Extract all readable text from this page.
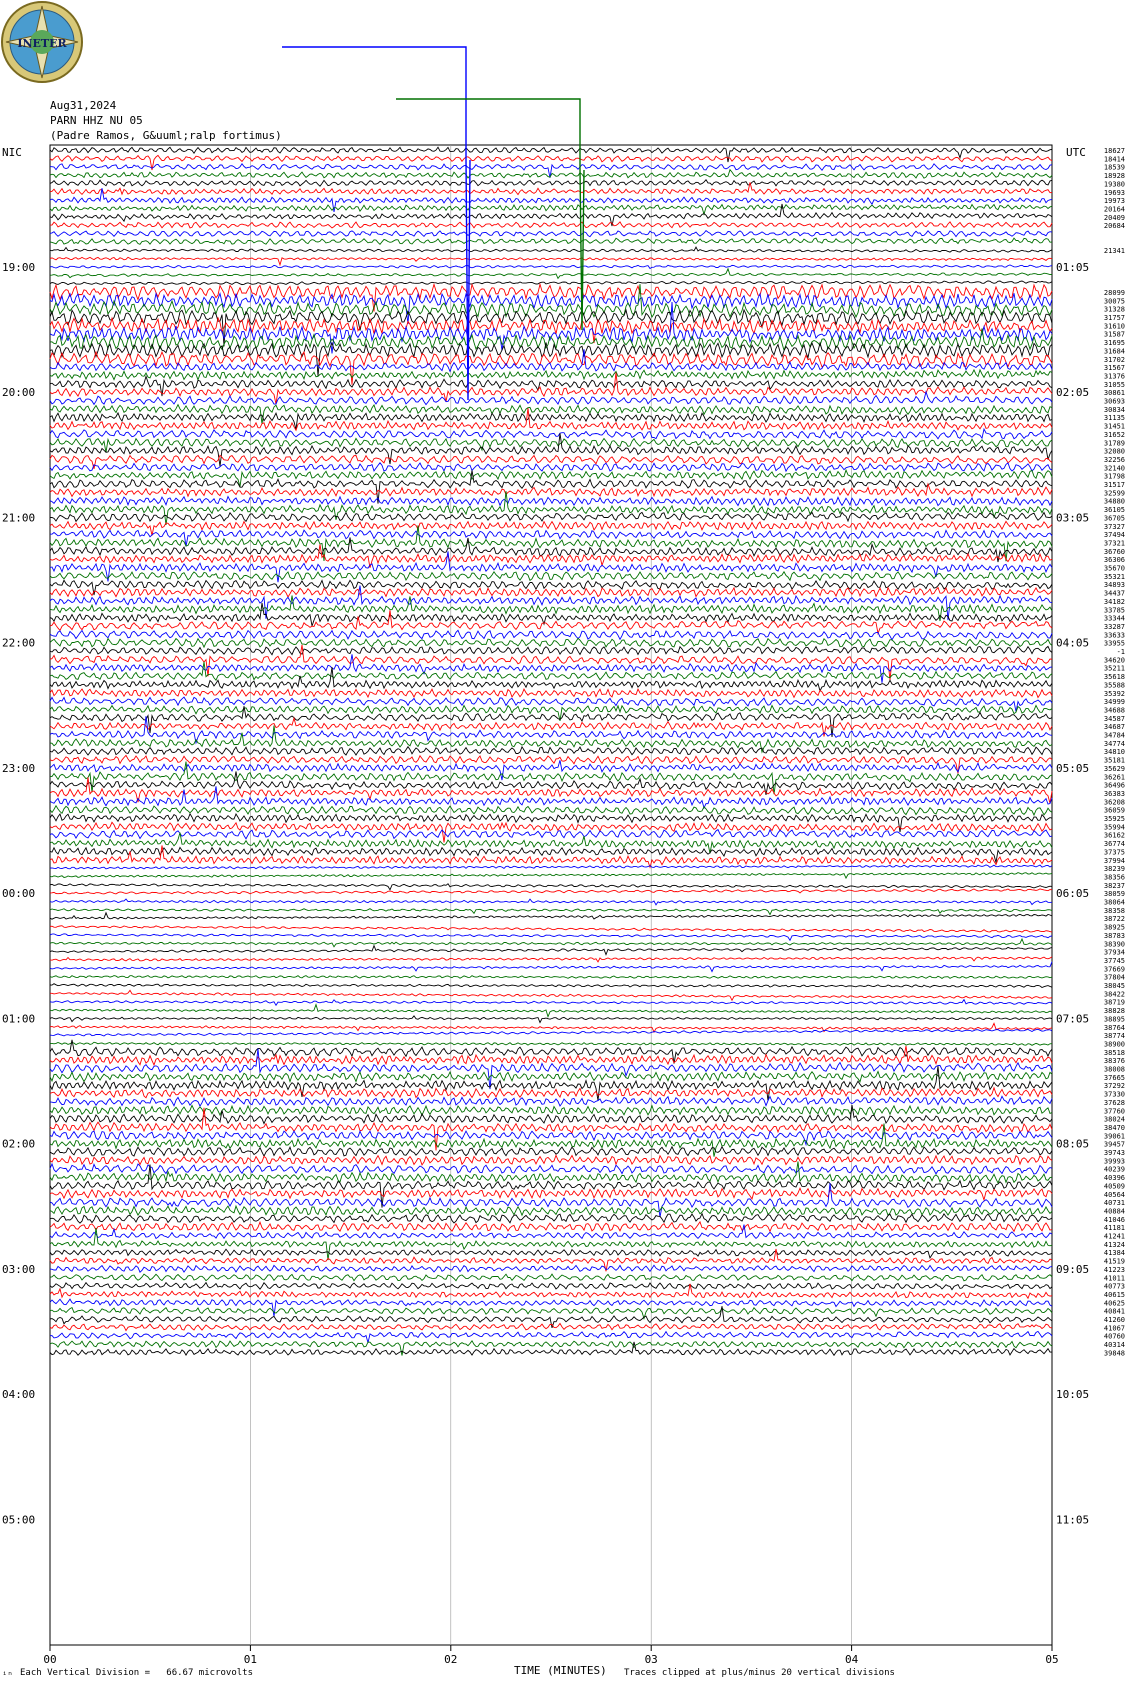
INETER
00	01	02	03	04	05
19:00
20:00
21:00
22:00
23:00
00:00
01:00
02:00
03:00
04:00
05:00
01:05
02:05
03:05
04:05
05:05
06:05
07:05
08:05
09:05
10:05
11:05
18627
18414
18539
18928
19380
19693
19973
20164
20409
20684
21341
28099
30075
31328
31757
31610
31587
31695
31684
31702
31567
31376
31055
30861
30693
30834
31135
31451
31652
31789
32080
32256
32140
31798
31517
32599
34880
36105
36705
37327
37494
37321
36760
36306
35670
35321
34893
34437
34182
33785
33344
33287
33633
33955
-1
34620
35211
35618
35588
35392
34999
34688
34587
34687
34784
34774
34810
35181
35629
36261
36496
36383
36208
36059
35925
35994
36162
36774
37375
37994
38239
38356
38237
38059
38064
38358
38722
38925
38783
38390
37934
37745
37669
37804
38045
38422
38719
38828
38895
38764
38774
38900
38518
38376
38008
37665
37292
37330
37628
37760
38024
38470
39061
39457
39743
39993
40239
40396
40509
40564
40731
40884
41046
41181
41241
41324
41384
41519
41223
41011
40773
40615
40625
40841
41260
41067
40760
40314
39848
NIC	UTC
TIME (MINUTES)
Aug31,2024
PARN HHZ NU 05
(Padre Ramos, G&uuml;ralp fortimus)
ᵢₙ Each Vertical Division =   66.67 microvolts	Traces clipped at plus/minus 20 vertical divisions
